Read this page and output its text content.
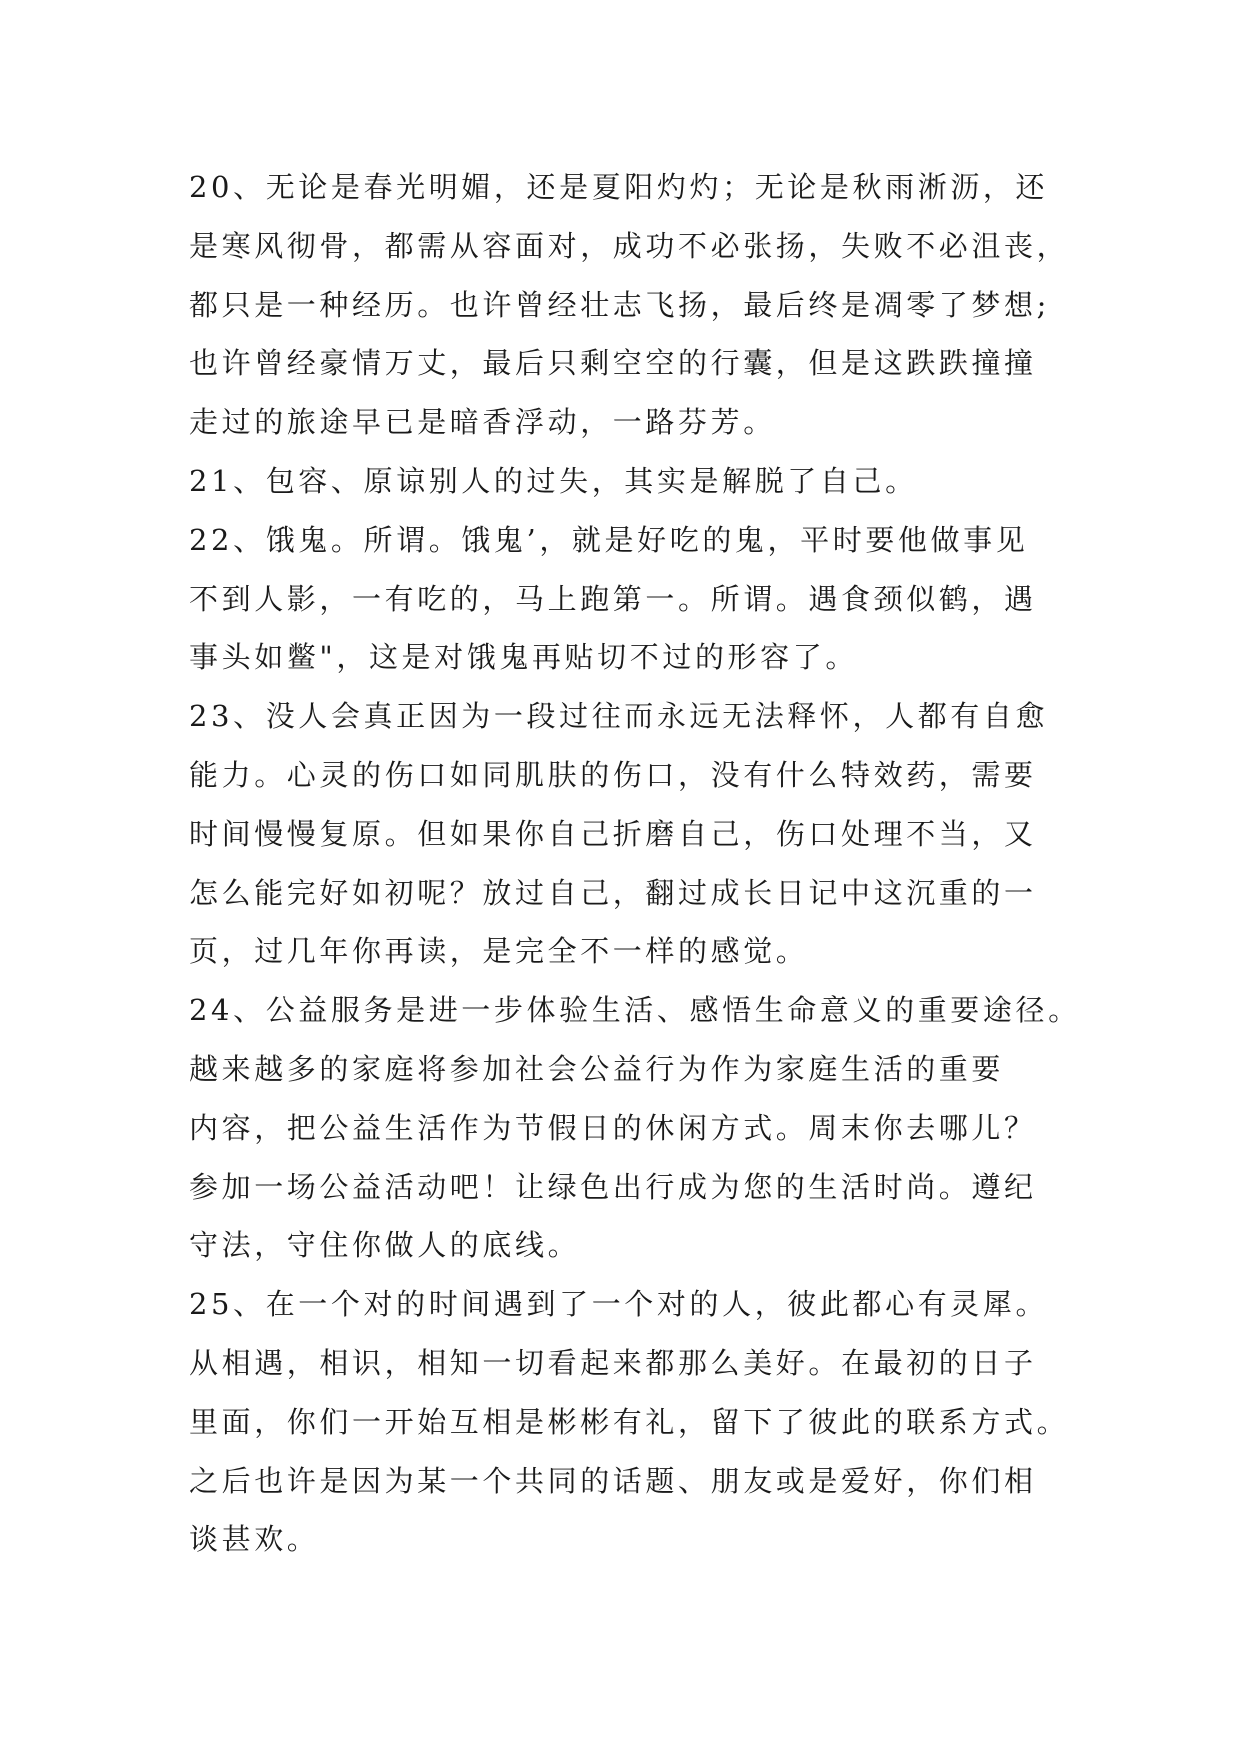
20、无论是春光明媚，还是夏阳灼灼；无论是秋雨淅沥，还
是寒风彻骨，都需从容面对，成功不必张扬，失败不必沮丧，
都只是一种经历。也许曾经壮志飞扬，最后终是凋零了梦想;
也许曾经豪情万丈，最后只剩空空的行囊，但是这跌跌撞撞
走过的旅途早已是暗香浮动，一路芬芳。
21、包容、原谅别人的过失，其实是解脱了自己。
22、饿鬼。所谓。饿鬼’，就是好吃的鬼，平时要他做事见
不到人影，一有吃的，马上跑第一。所谓。遇食颈似鹤，遇
事头如鳖"，这是对饿鬼再贴切不过的形容了。
23、没人会真正因为一段过往而永远无法释怀，人都有自愈
能力。心灵的伤口如同肌肤的伤口，没有什么特效药，需要
时间慢慢复原。但如果你自己折磨自己，伤口处理不当，又
怎么能完好如初呢？放过自己，翻过成长日记中这沉重的一
页，过几年你再读，是完全不一样的感觉。
24、公益服务是进一步体验生活、感悟生命意义的重要途径。
越来越多的家庭将参加社会公益行为作为家庭生活的重要
内容，把公益生活作为节假日的休闲方式。周末你去哪儿？
参加一场公益活动吧！让绿色出行成为您的生活时尚。遵纪
守法，守住你做人的底线。
25、在一个对的时间遇到了一个对的人，彼此都心有灵犀。
从相遇，相识，相知一切看起来都那么美好。在最初的日子
里面，你们一开始互相是彬彬有礼，留下了彼此的联系方式。
之后也许是因为某一个共同的话题、朋友或是爱好，你们相
谈甚欢。
